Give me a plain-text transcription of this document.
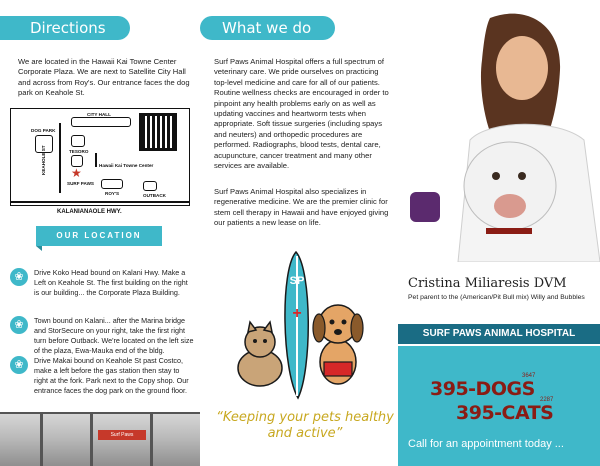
Directions

We are located in the Hawaii Kai Towne Center Corporate Plaza. We are next to Satellite City Hall and across from Roy's. Our entrance faces the dog park on Keahole St.

DOG PARK
CITY HALL
TESORO
Hawaii Kai Towne Center
KEAHOLE ST ★
SURF PAWS
ROY'S	OUTBACK
KALANIANAOLE HWY.
OUR LOCATION
❀	Drive Koko Head bound on Kalani Hwy. Make a Left on Keahole St. The first building on the right is our building... the Corporate Plaza Building.

❀	Town bound on Kalani... after the Marina bridge and StorSecure on your right, take the first right turn before Outback. We're located on the left size of the plaza, Ewa-Mauka end of the bldg.

❀	Drive Makai bound on Keahole St past Costco, make a left before the gas station then stay to right at the fork. Park next to the Copy shop. Our entrance faces the dog park on the ground floor.

Surf Paws
What we do

Surf Paws Animal Hospital offers a full spectrum of veterinary care. We pride ourselves on practicing top-level medicine and care for all of our patients. Routine wellness checks are encouraged in order to pinpoint any health problems early on as well as updating vaccines and heartworm tests when appropriate. Soft tissue surgeries (including spays and neuters) and orthopedic procedures are performed. Radiographs, blood tests, dental care, acupuncture, cancer treatment and many other services are available.

Surf Paws Animal Hospital also specializes in regenerative medicine. We are the premier clinic for stem cell therapy in Hawaii and have enjoyed giving our patients a new lease on life.

SP
+

“Keeping your pets healthy and active”

Cristina Miliaresis DVM

Pet parent to the (American/Pit Bull mix) Willy and Bubbles

SURF PAWS ANIMAL HOSPITAL
3647
395-DOGS 2287
395-CATS
Call for an appointment today ...
